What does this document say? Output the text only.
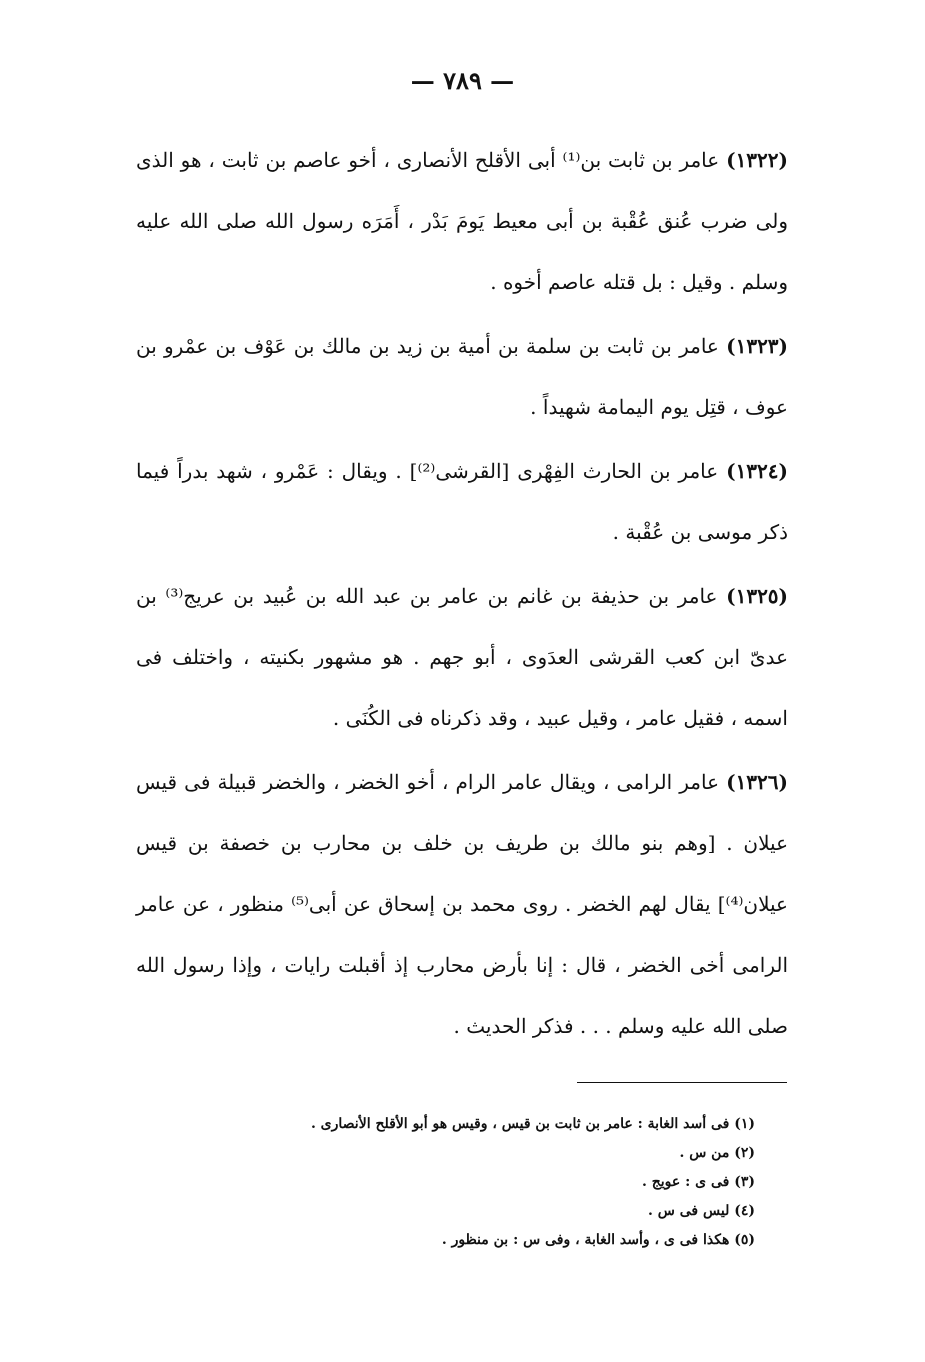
— ٧٨٩ —

(١٣٢٢) عامر بن ثابت بن⁽¹⁾ أبى الأقلح الأنصارى ، أخو عاصم بن ثابت ، هو الذى ولى ضرب عُنق عُقْبة بن أبى معيط يَومَ بَدْر ، أَمَرَه رسول الله صلى الله عليه وسلم . وقيل : بل قتله عاصم أخوه .

(١٣٢٣) عامر بن ثابت بن سلمة بن أمية بن زيد بن مالك بن عَوْف بن عمْرو بن عوف ، قتِل يوم اليمامة شهيداً .

(١٣٢٤) عامر بن الحارث الفِهْرى [القرشى⁽²⁾] . ويقال : عَمْرو ، شهد بدراً فيما ذكر موسى بن عُقْبة .

(١٣٢٥) عامر بن حذيفة بن غانم بن عامر بن عبد الله بن عُبيد بن عريج⁽³⁾ بن عدىّ ابن كعب القرشى العدَوى ، أبو جهم . هو مشهور بكنيته ، واختلف فى اسمه ، فقيل عامر ، وقيل عبيد ، وقد ذكرناه فى الكُنَى .

(١٣٢٦) عامر الرامى ، ويقال عامر الرام ، أخو الخضر ، والخضر قبيلة فى قيس عيلان . [وهم بنو مالك بن طريف بن خلف بن محارب بن خصفة بن قيس عيلان⁽⁴⁾] يقال لهم الخضر . روى محمد بن إسحاق عن أبى⁽⁵⁾ منظور ، عن عامر الرامى أخى الخضر ، قال : إنا بأرض محارب إذ أقبلت رايات ، وإذا رسول الله صلى الله عليه وسلم . . . فذكر الحديث .

(١) فى أسد الغابة : عامر بن ثابت بن قيس ، وقيس هو أبو الأقلح الأنصارى .
(٢) من س .
(٣) فى ى : عويج .
(٤) ليس فى س .
(٥) هكذا فى ى ، وأسد الغابة ، وفى س : بن منظور .
